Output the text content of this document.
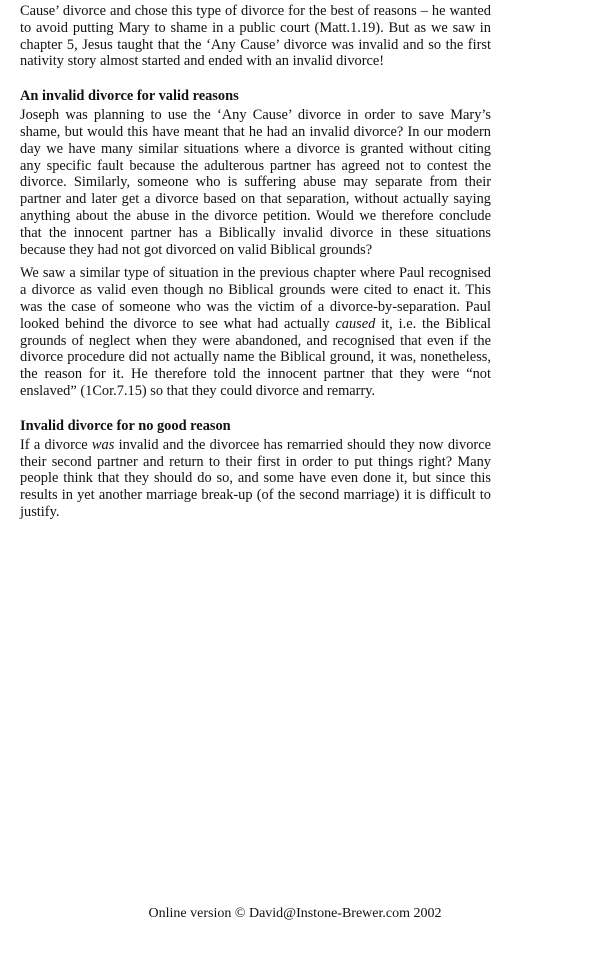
Cause’ divorce and chose this type of divorce for the best of reasons – he wanted to avoid putting Mary to shame in a public court (Matt.1.19). But as we saw in chapter 5, Jesus taught that the ‘Any Cause’ divorce was invalid and so the first nativity story almost started and ended with an invalid divorce!

An invalid divorce for valid reasons

Joseph was planning to use the ‘Any Cause’ divorce in order to save Mary’s shame, but would this have meant that he had an invalid divorce? In our modern day we have many similar situations where a divorce is granted without citing any specific fault because the adulterous partner has agreed not to contest the divorce. Similarly, someone who is suffering abuse may separate from their partner and later get a divorce based on that separation, without actually saying anything about the abuse in the divorce petition. Would we therefore conclude that the innocent partner has a Biblically invalid divorce in these situations because they had not got divorced on valid Biblical grounds?

We saw a similar type of situation in the previous chapter where Paul recognised a divorce as valid even though no Biblical grounds were cited to enact it. This was the case of someone who was the victim of a divorce-by-separation. Paul looked behind the divorce to see what had actually caused it, i.e. the Biblical grounds of neglect when they were abandoned, and recognised that even if the divorce procedure did not actually name the Biblical ground, it was, nonetheless, the reason for it. He therefore told the innocent partner that they were “not enslaved” (1Cor.7.15) so that they could divorce and remarry.

Invalid divorce for no good reason

If a divorce was invalid and the divorcee has remarried should they now divorce their second partner and return to their first in order to put things right? Many people think that they should do so, and some have even done it, but since this results in yet another marriage break-up (of the second marriage) it is difficult to justify.

Online version © David@Instone-Brewer.com 2002
